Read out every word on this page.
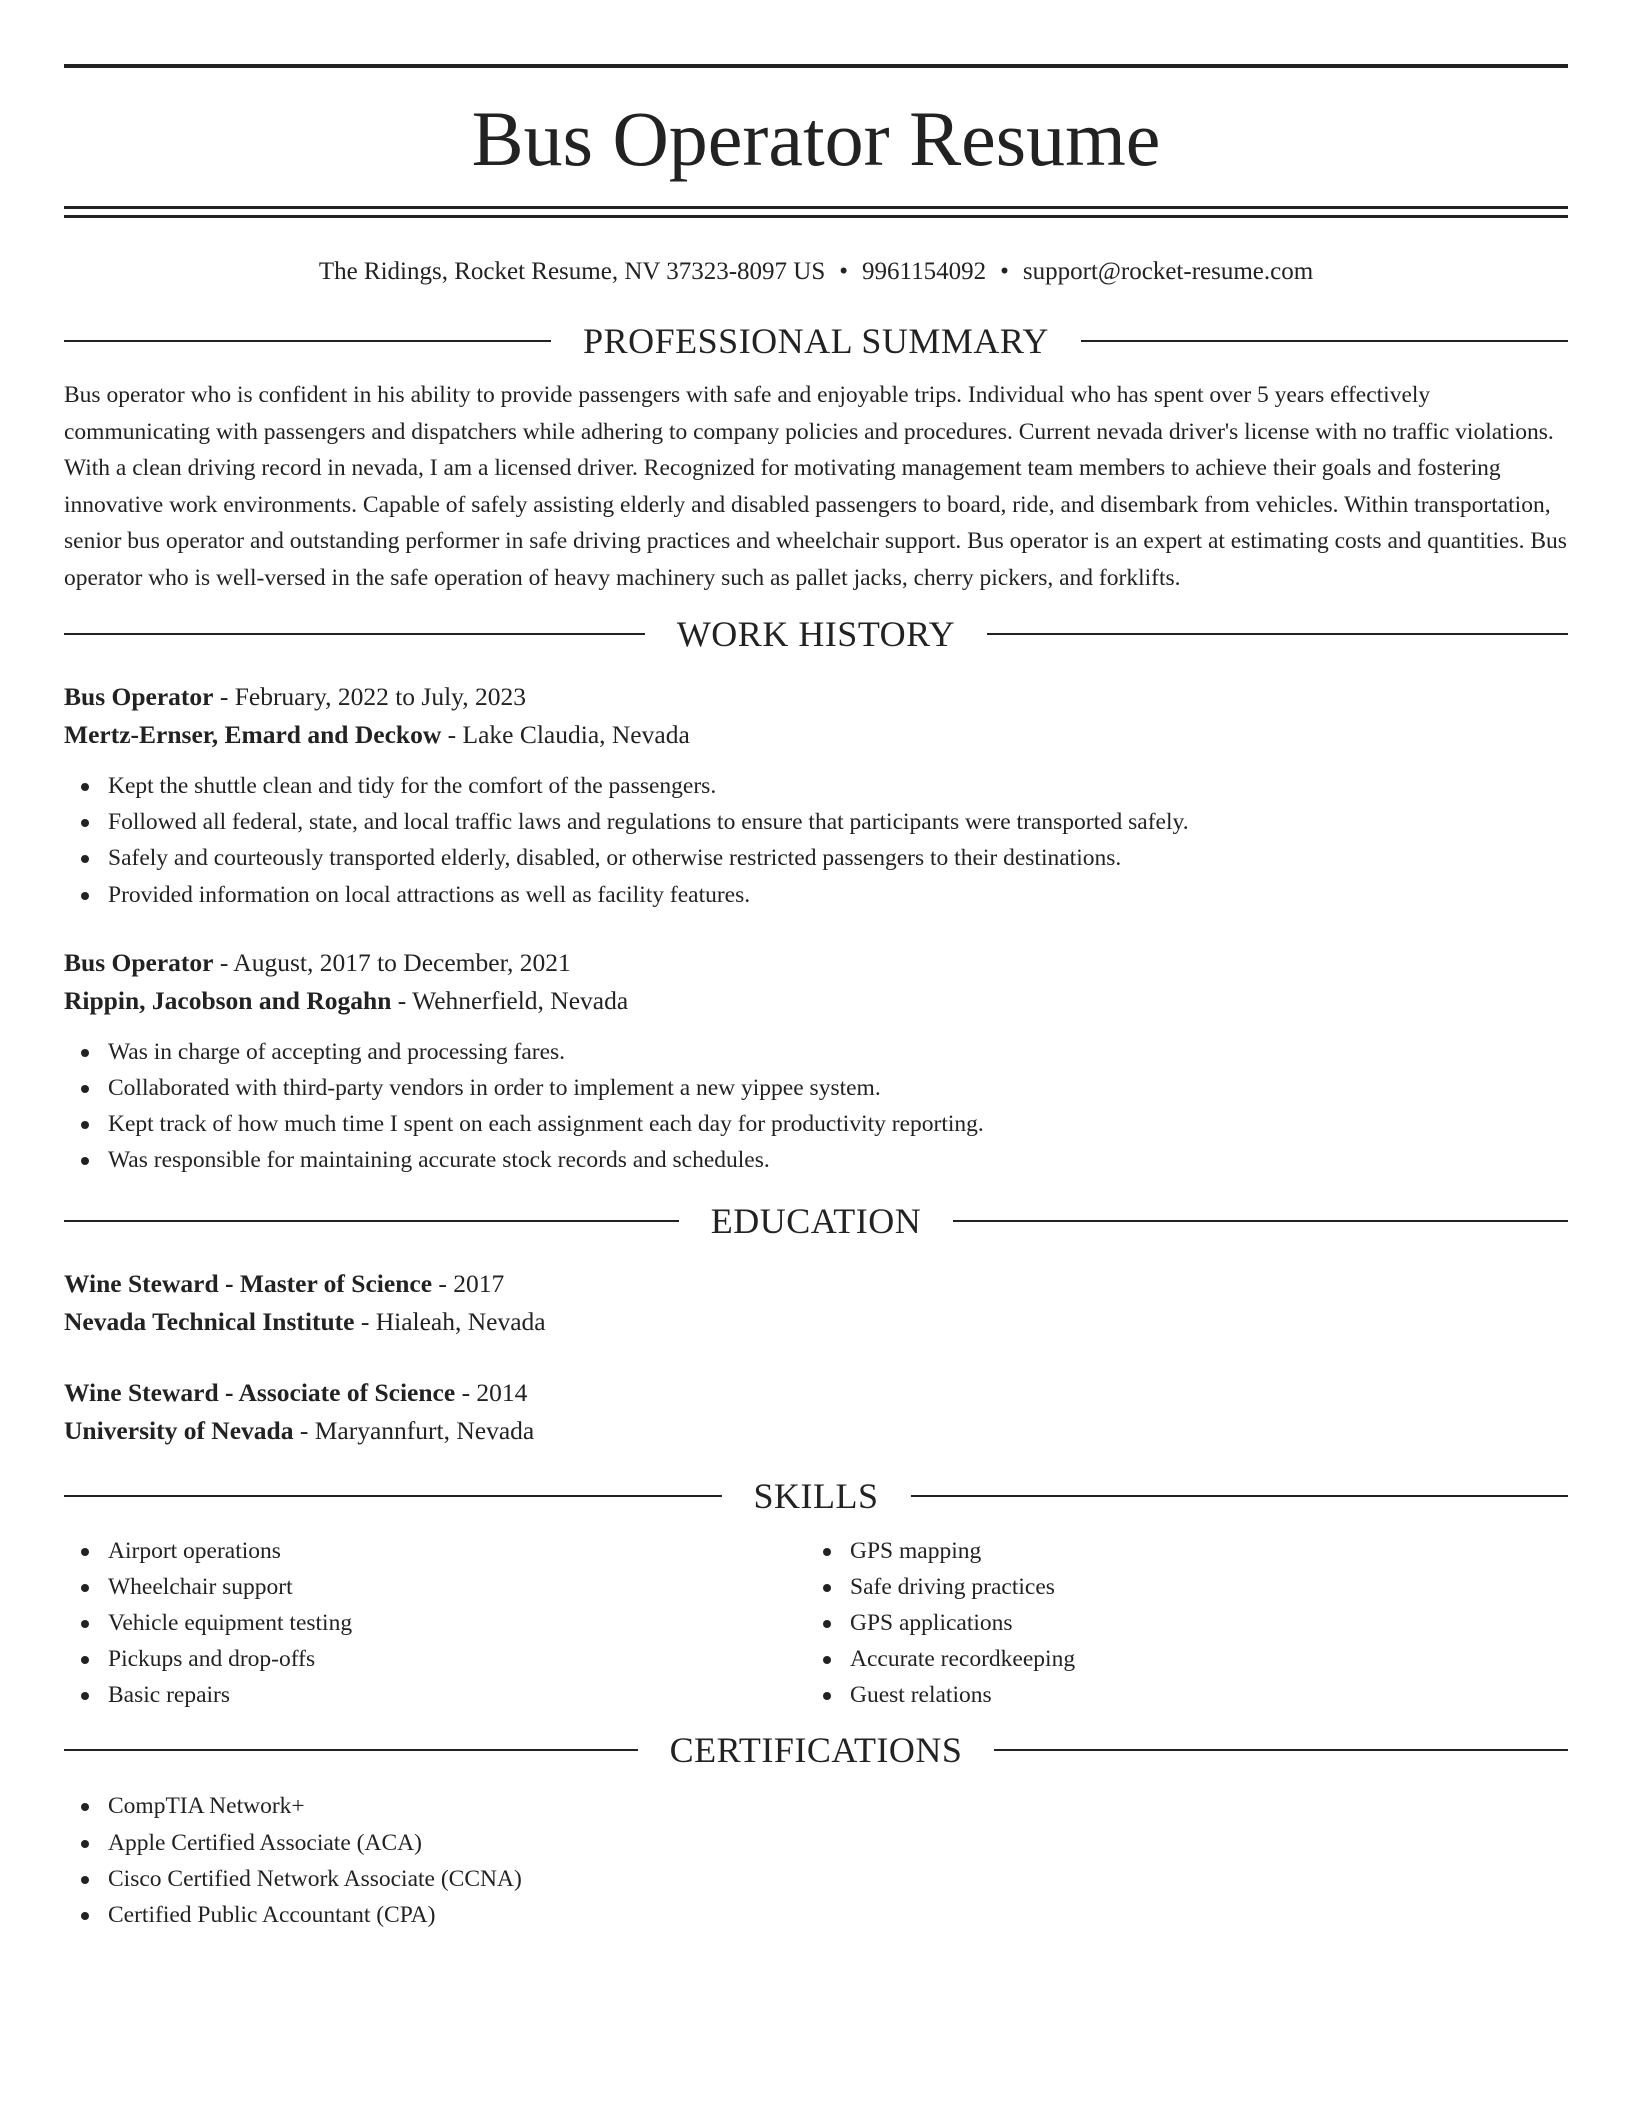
Bus Operator Resume
The Ridings, Rocket Resume, NV 37323-8097 US • 9961154092 • support@rocket-resume.com
PROFESSIONAL SUMMARY

Bus operator who is confident in his ability to provide passengers with safe and enjoyable trips. Individual who has spent over 5 years effectively communicating with passengers and dispatchers while adhering to company policies and procedures. Current nevada driver's license with no traffic violations. With a clean driving record in nevada, I am a licensed driver. Recognized for motivating management team members to achieve their goals and fostering innovative work environments. Capable of safely assisting elderly and disabled passengers to board, ride, and disembark from vehicles. Within transportation, senior bus operator and outstanding performer in safe driving practices and wheelchair support. Bus operator is an expert at estimating costs and quantities. Bus operator who is well-versed in the safe operation of heavy machinery such as pallet jacks, cherry pickers, and forklifts.

WORK HISTORY
Bus Operator - February, 2022 to July, 2023
Mertz-Ernser, Emard and Deckow - Lake Claudia, Nevada
Kept the shuttle clean and tidy for the comfort of the passengers.
Followed all federal, state, and local traffic laws and regulations to ensure that participants were transported safely.
Safely and courteously transported elderly, disabled, or otherwise restricted passengers to their destinations.
Provided information on local attractions as well as facility features.
Bus Operator - August, 2017 to December, 2021
Rippin, Jacobson and Rogahn - Wehnerfield, Nevada
Was in charge of accepting and processing fares.
Collaborated with third-party vendors in order to implement a new yippee system.
Kept track of how much time I spent on each assignment each day for productivity reporting.
Was responsible for maintaining accurate stock records and schedules.
EDUCATION
Wine Steward - Master of Science - 2017
Nevada Technical Institute - Hialeah, Nevada
Wine Steward - Associate of Science - 2014
University of Nevada - Maryannfurt, Nevada
SKILLS
Airport operations
Wheelchair support
Vehicle equipment testing
Pickups and drop-offs
Basic repairs
GPS mapping
Safe driving practices
GPS applications
Accurate recordkeeping
Guest relations
CERTIFICATIONS
CompTIA Network+
Apple Certified Associate (ACA)
Cisco Certified Network Associate (CCNA)
Certified Public Accountant (CPA)
